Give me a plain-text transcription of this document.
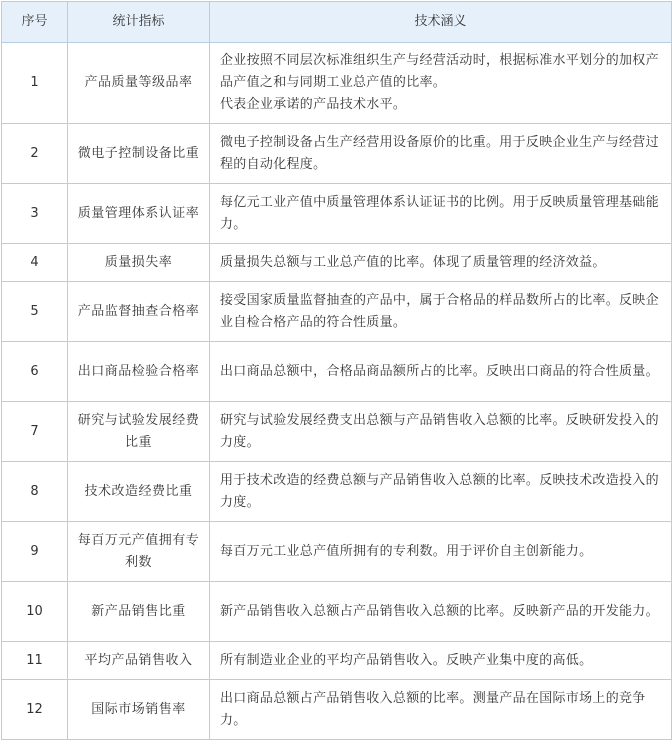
序号	统计指标	技术涵义
1	产品质量等级品率	企业按照不同层次标准组织生产与经营活动时，根据标准水平划分的加权产品产值之和与同期工业总产值的比率。
代表企业承诺的产品技术水平。

2	微电子控制设备比重	微电子控制设备占生产经营用设备原价的比重。用于反映企业生产与经营过程的自动化程度。
3	质量管理体系认证率	每亿元工业产值中质量管理体系认证证书的比例。用于反映质量管理基础能力。
4	质量损失率	质量损失总额与工业总产值的比率。体现了质量管理的经济效益。
5	产品监督抽查合格率	接受国家质量监督抽查的产品中，属于合格品的样品数所占的比率。反映企业自检合格产品的符合性质量。
6	出口商品检验合格率	出口商品总额中，合格品商品额所占的比率。反映出口商品的符合性质量。
7	研究与试验发展经费比重	研究与试验发展经费支出总额与产品销售收入总额的比率。反映研发投入的力度。
8	技术改造经费比重	用于技术改造的经费总额与产品销售收入总额的比率。反映技术改造投入的力度。
9	每百万元产值拥有专利数	每百万元工业总产值所拥有的专利数。用于评价自主创新能力。
10	新产品销售比重	新产品销售收入总额占产品销售收入总额的比率。反映新产品的开发能力。
11	平均产品销售收入	所有制造业企业的平均产品销售收入。反映产业集中度的高低。
12	国际市场销售率	出口商品总额占产品销售收入总额的比率。测量产品在国际市场上的竞争力。
